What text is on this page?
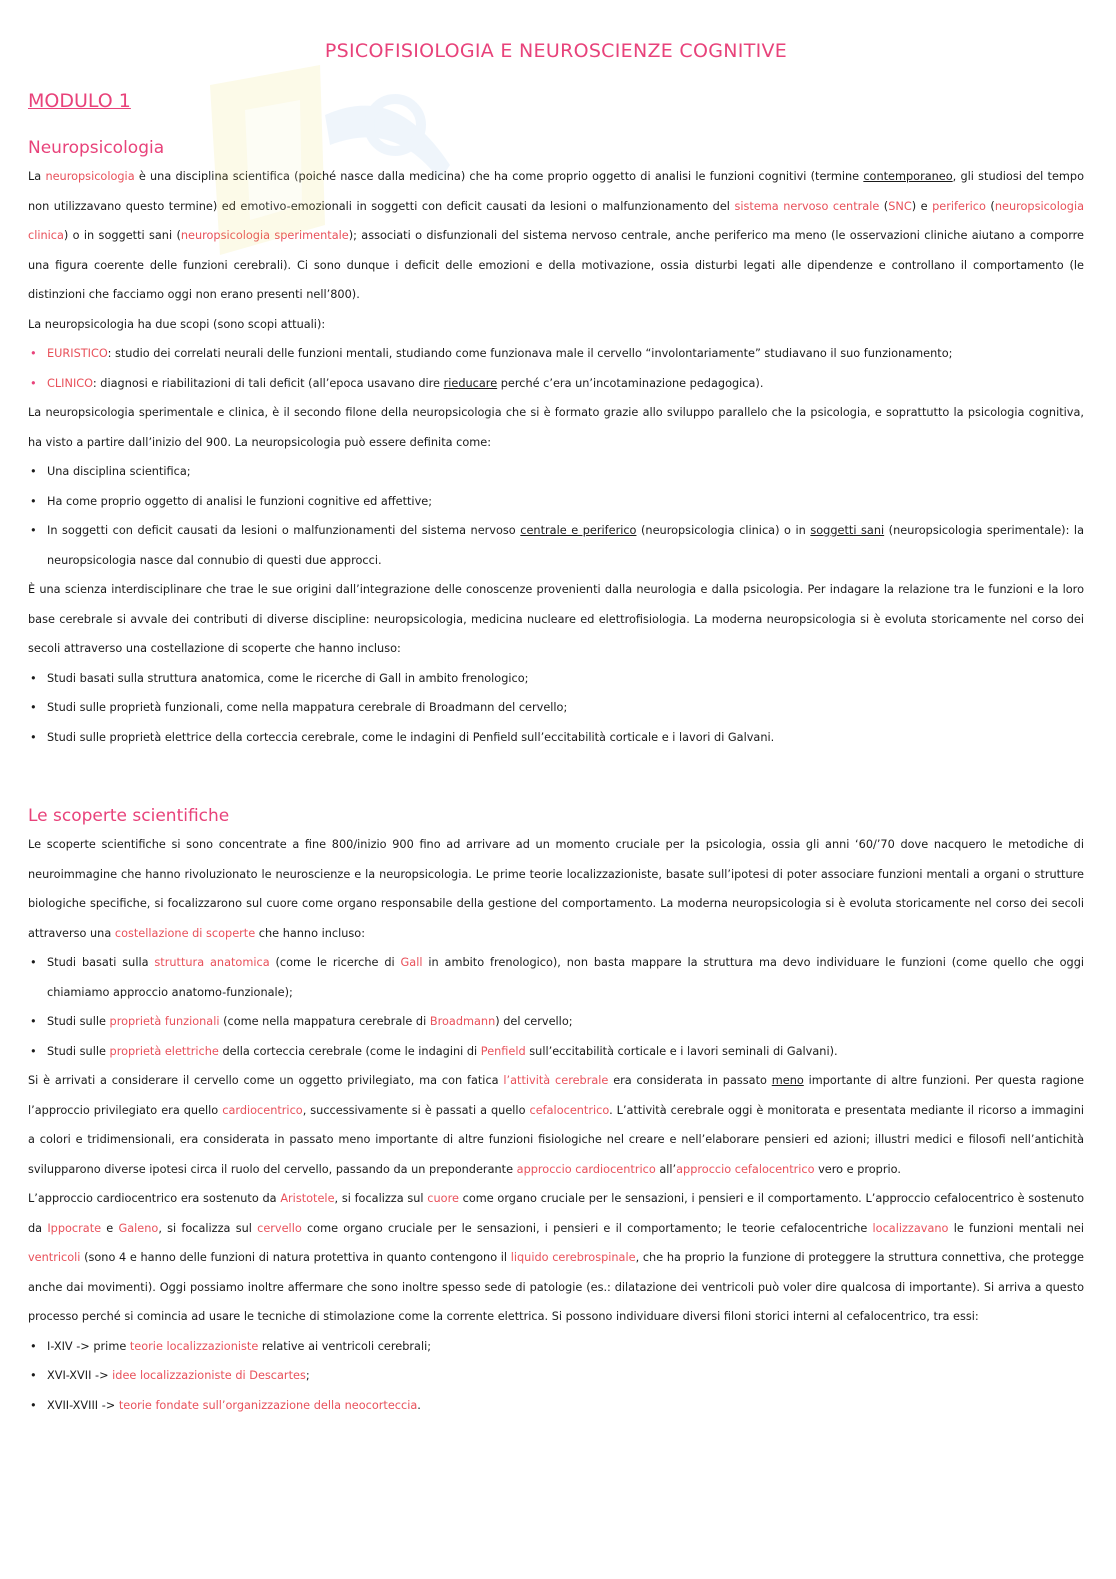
PSICOFISIOLOGIA E NEUROSCIENZE COGNITIVE
MODULO 1
Neuropsicologia
La neuropsicologia è una disciplina scientifica (poiché nasce dalla medicina) che ha come proprio oggetto di analisi le funzioni cognitivi (termine contemporaneo, gli studiosi del tempo non utilizzavano questo termine) ed emotivo-emozionali in soggetti con deficit causati da lesioni o malfunzionamento del sistema nervoso centrale (SNC) e periferico (neuropsicologia clinica) o in soggetti sani (neuropsicologia sperimentale); associati o disfunzionali del sistema nervoso centrale, anche periferico ma meno (le osservazioni cliniche aiutano a comporre una figura coerente delle funzioni cerebrali). Ci sono dunque i deficit delle emozioni e della motivazione, ossia disturbi legati alle dipendenze e controllano il comportamento (le distinzioni che facciamo oggi non erano presenti nell’800).
La neuropsicologia ha due scopi (sono scopi attuali):
• EURISTICO: studio dei correlati neurali delle funzioni mentali, studiando come funzionava male il cervello “involontariamente” studiavano il suo funzionamento;
• CLINICO: diagnosi e riabilitazioni di tali deficit (all’epoca usavano dire rieducare perché c’era un’incotaminazione pedagogica).
La neuropsicologia sperimentale e clinica, è il secondo filone della neuropsicologia che si è formato grazie allo sviluppo parallelo che la psicologia, e soprattutto la psicologia cognitiva, ha visto a partire dall’inizio del 900. La neuropsicologia può essere definita come:
• Una disciplina scientifica;
• Ha come proprio oggetto di analisi le funzioni cognitive ed affettive;
• In soggetti con deficit causati da lesioni o malfunzionamenti del sistema nervoso centrale e periferico (neuropsicologia clinica) o in soggetti sani (neuropsicologia sperimentale): la neuropsicologia nasce dal connubio di questi due approcci.
È una scienza interdisciplinare che trae le sue origini dall’integrazione delle conoscenze provenienti dalla neurologia e dalla psicologia. Per indagare la relazione tra le funzioni e la loro base cerebrale si avvale dei contributi di diverse discipline: neuropsicologia, medicina nucleare ed elettrofisiologia. La moderna neuropsicologia si è evoluta storicamente nel corso dei secoli attraverso una costellazione di scoperte che hanno incluso:
• Studi basati sulla struttura anatomica, come le ricerche di Gall in ambito frenologico;
• Studi sulle proprietà funzionali, come nella mappatura cerebrale di Broadmann del cervello;
• Studi sulle proprietà elettrice della corteccia cerebrale, come le indagini di Penfield sull’eccitabilità corticale e i lavori di Galvani.
Le scoperte scientifiche
Le scoperte scientifiche si sono concentrate a fine 800/inizio 900 fino ad arrivare ad un momento cruciale per la psicologia, ossia gli anni ‘60/’70 dove nacquero le metodiche di neuroimmagine che hanno rivoluzionato le neuroscienze e la neuropsicologia. Le prime teorie localizzazioniste, basate sull’ipotesi di poter associare funzioni mentali a organi o strutture biologiche specifiche, si focalizzarono sul cuore come organo responsabile della gestione del comportamento. La moderna neuropsicologia si è evoluta storicamente nel corso dei secoli attraverso una costellazione di scoperte che hanno incluso:
• Studi basati sulla struttura anatomica (come le ricerche di Gall in ambito frenologico), non basta mappare la struttura ma devo individuare le funzioni (come quello che oggi chiamiamo approccio anatomo-funzionale);
• Studi sulle proprietà funzionali (come nella mappatura cerebrale di Broadmann) del cervello;
• Studi sulle proprietà elettriche della corteccia cerebrale (come le indagini di Penfield sull’eccitabilità corticale e i lavori seminali di Galvani).
Si è arrivati a considerare il cervello come un oggetto privilegiato, ma con fatica l’attività cerebrale era considerata in passato meno importante di altre funzioni. Per questa ragione l’approccio privilegiato era quello cardiocentrico, successivamente si è passati a quello cefalocentrico. L’attività cerebrale oggi è monitorata e presentata mediante il ricorso a immagini a colori e tridimensionali, era considerata in passato meno importante di altre funzioni fisiologiche nel creare e nell’elaborare pensieri ed azioni; illustri medici e filosofi nell’antichità svilupparono diverse ipotesi circa il ruolo del cervello, passando da un preponderante approccio cardiocentrico all’approccio cefalocentrico vero e proprio.
L’approccio cardiocentrico era sostenuto da Aristotele, si focalizza sul cuore come organo cruciale per le sensazioni, i pensieri e il comportamento. L’approccio cefalocentrico è sostenuto da Ippocrate e Galeno, si focalizza sul cervello come organo cruciale per le sensazioni, i pensieri e il comportamento; le teorie cefalocentriche localizzavano le funzioni mentali nei ventricoli (sono 4 e hanno delle funzioni di natura protettiva in quanto contengono il liquido cerebrospinale, che ha proprio la funzione di proteggere la struttura connettiva, che protegge anche dai movimenti). Oggi possiamo inoltre affermare che sono inoltre spesso sede di patologie (es.: dilatazione dei ventricoli può voler dire qualcosa di importante). Si arriva a questo processo perché si comincia ad usare le tecniche di stimolazione come la corrente elettrica. Si possono individuare diversi filoni storici interni al cefalocentrico, tra essi:
• I-XIV -> prime teorie localizzazioniste relative ai ventricoli cerebrali;
• XVI-XVII -> idee localizzazioniste di Descartes;
• XVII-XVIII -> teorie fondate sull’organizzazione della neocorteccia.
